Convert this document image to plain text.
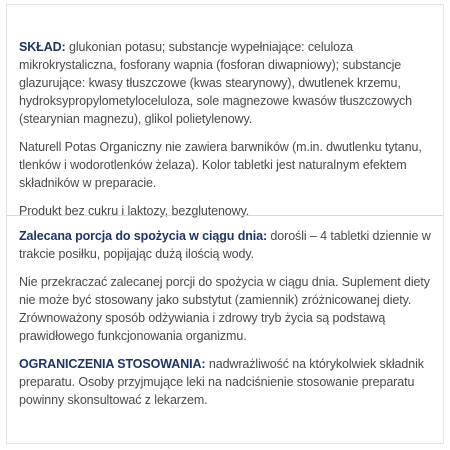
SKŁAD: glukonian potasu; substancje wypełniające: celuloza mikrokrystaliczna, fosforany wapnia (fosforan diwapniowy); substancje glazurujące: kwasy tłuszczowe (kwas stearynowy), dwutlenek krzemu, hydroksypropylometyloceluloza, sole magnezowe kwasów tłuszczowych (stearynian magnezu), glikol polietylenowy.

Naturell Potas Organiczny nie zawiera barwników (m.in. dwutlenku tytanu, tlenków i wodorotlenków żelaza). Kolor tabletki jest naturalnym efektem składników w preparacie.

Produkt bez cukru i laktozy, bezglutenowy.

Zalecana porcja do spożycia w ciągu dnia: dorośli – 4 tabletki dziennie w trakcie posiłku, popijając dużą ilością wody.

Nie przekraczać zalecanej porcji do spożycia w ciągu dnia. Suplement diety nie może być stosowany jako substytut (zamiennik) zróżnicowanej diety. Zrównoważony sposób odżywiania i zdrowy tryb życia są podstawą prawidłowego funkcjonowania organizmu.

OGRANICZENIA STOSOWANIA: nadwrażliwość na którykolwiek składnik preparatu. Osoby przyjmujące leki na nadciśnienie stosowanie preparatu powinny skonsultować z lekarzem.
